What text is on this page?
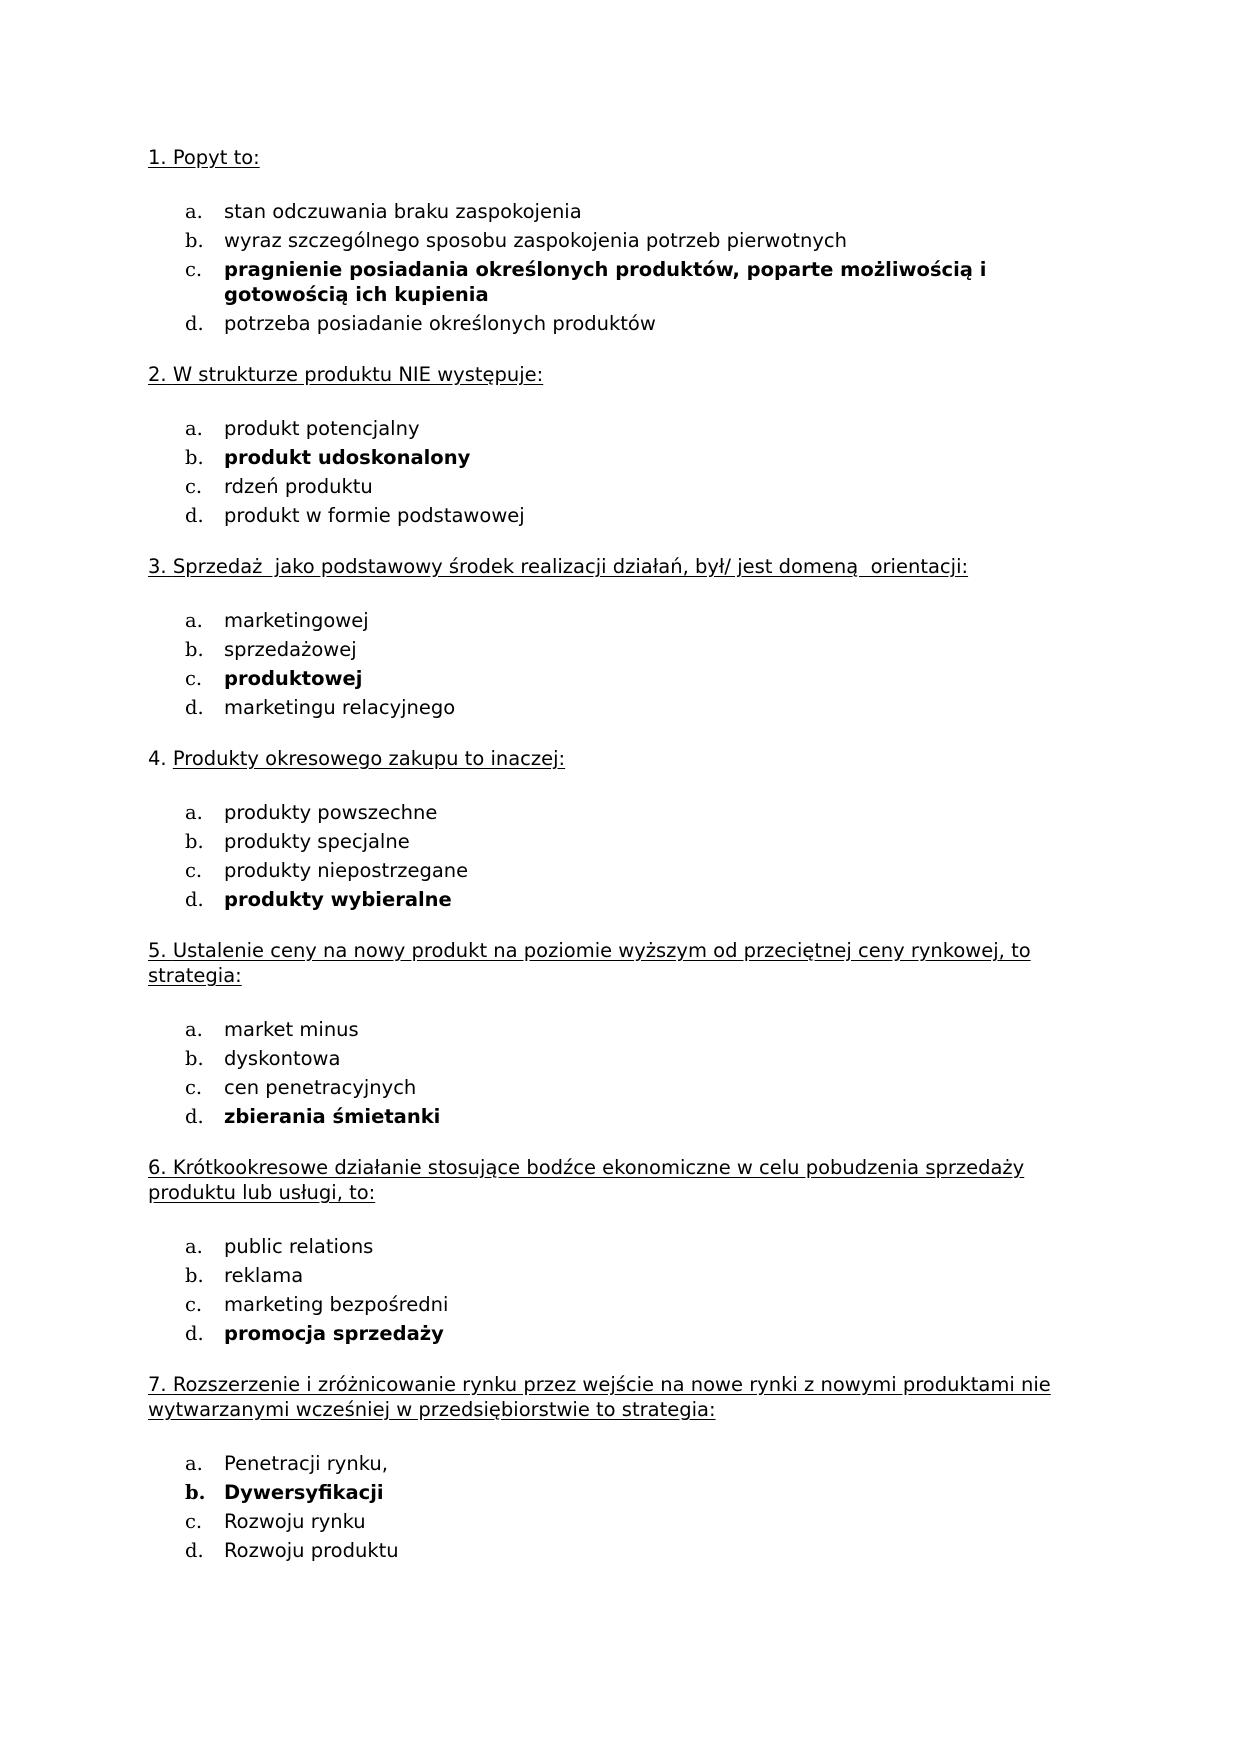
1. Popyt to:

a. stan odczuwania braku zaspokojenia
b. wyraz szczególnego sposobu zaspokojenia potrzeb pierwotnych
c. pragnienie posiadania określonych produktów, poparte możliwością i gotowością ich kupienia
d. potrzeba posiadanie określonych produktów

2. W strukturze produktu NIE występuje:

a. produkt potencjalny
b. produkt udoskonalony
c. rdzeń produktu
d. produkt w formie podstawowej

3. Sprzedaż  jako podstawowy środek realizacji działań, był/ jest domeną  orientacji:

a. marketingowej
b. sprzedażowej
c. produktowej
d. marketingu relacyjnego

4. Produkty okresowego zakupu to inaczej:

a. produkty powszechne
b. produkty specjalne
c. produkty niepostrzegane
d. produkty wybieralne

5. Ustalenie ceny na nowy produkt na poziomie wyższym od przeciętnej ceny rynkowej, to strategia:

a. market minus
b. dyskontowa
c. cen penetracyjnych
d. zbierania śmietanki

6. Krótkookresowe działanie stosujące bodźce ekonomiczne w celu pobudzenia sprzedaży produktu lub usługi, to:

a. public relations
b. reklama
c. marketing bezpośredni
d. promocja sprzedaży

7. Rozszerzenie i zróżnicowanie rynku przez wejście na nowe rynki z nowymi produktami nie wytwarzanymi wcześniej w przedsiębiorstwie to strategia:

a. Penetracji rynku,
b. Dywersyfikacji
c. Rozwoju rynku
d. Rozwoju produktu
